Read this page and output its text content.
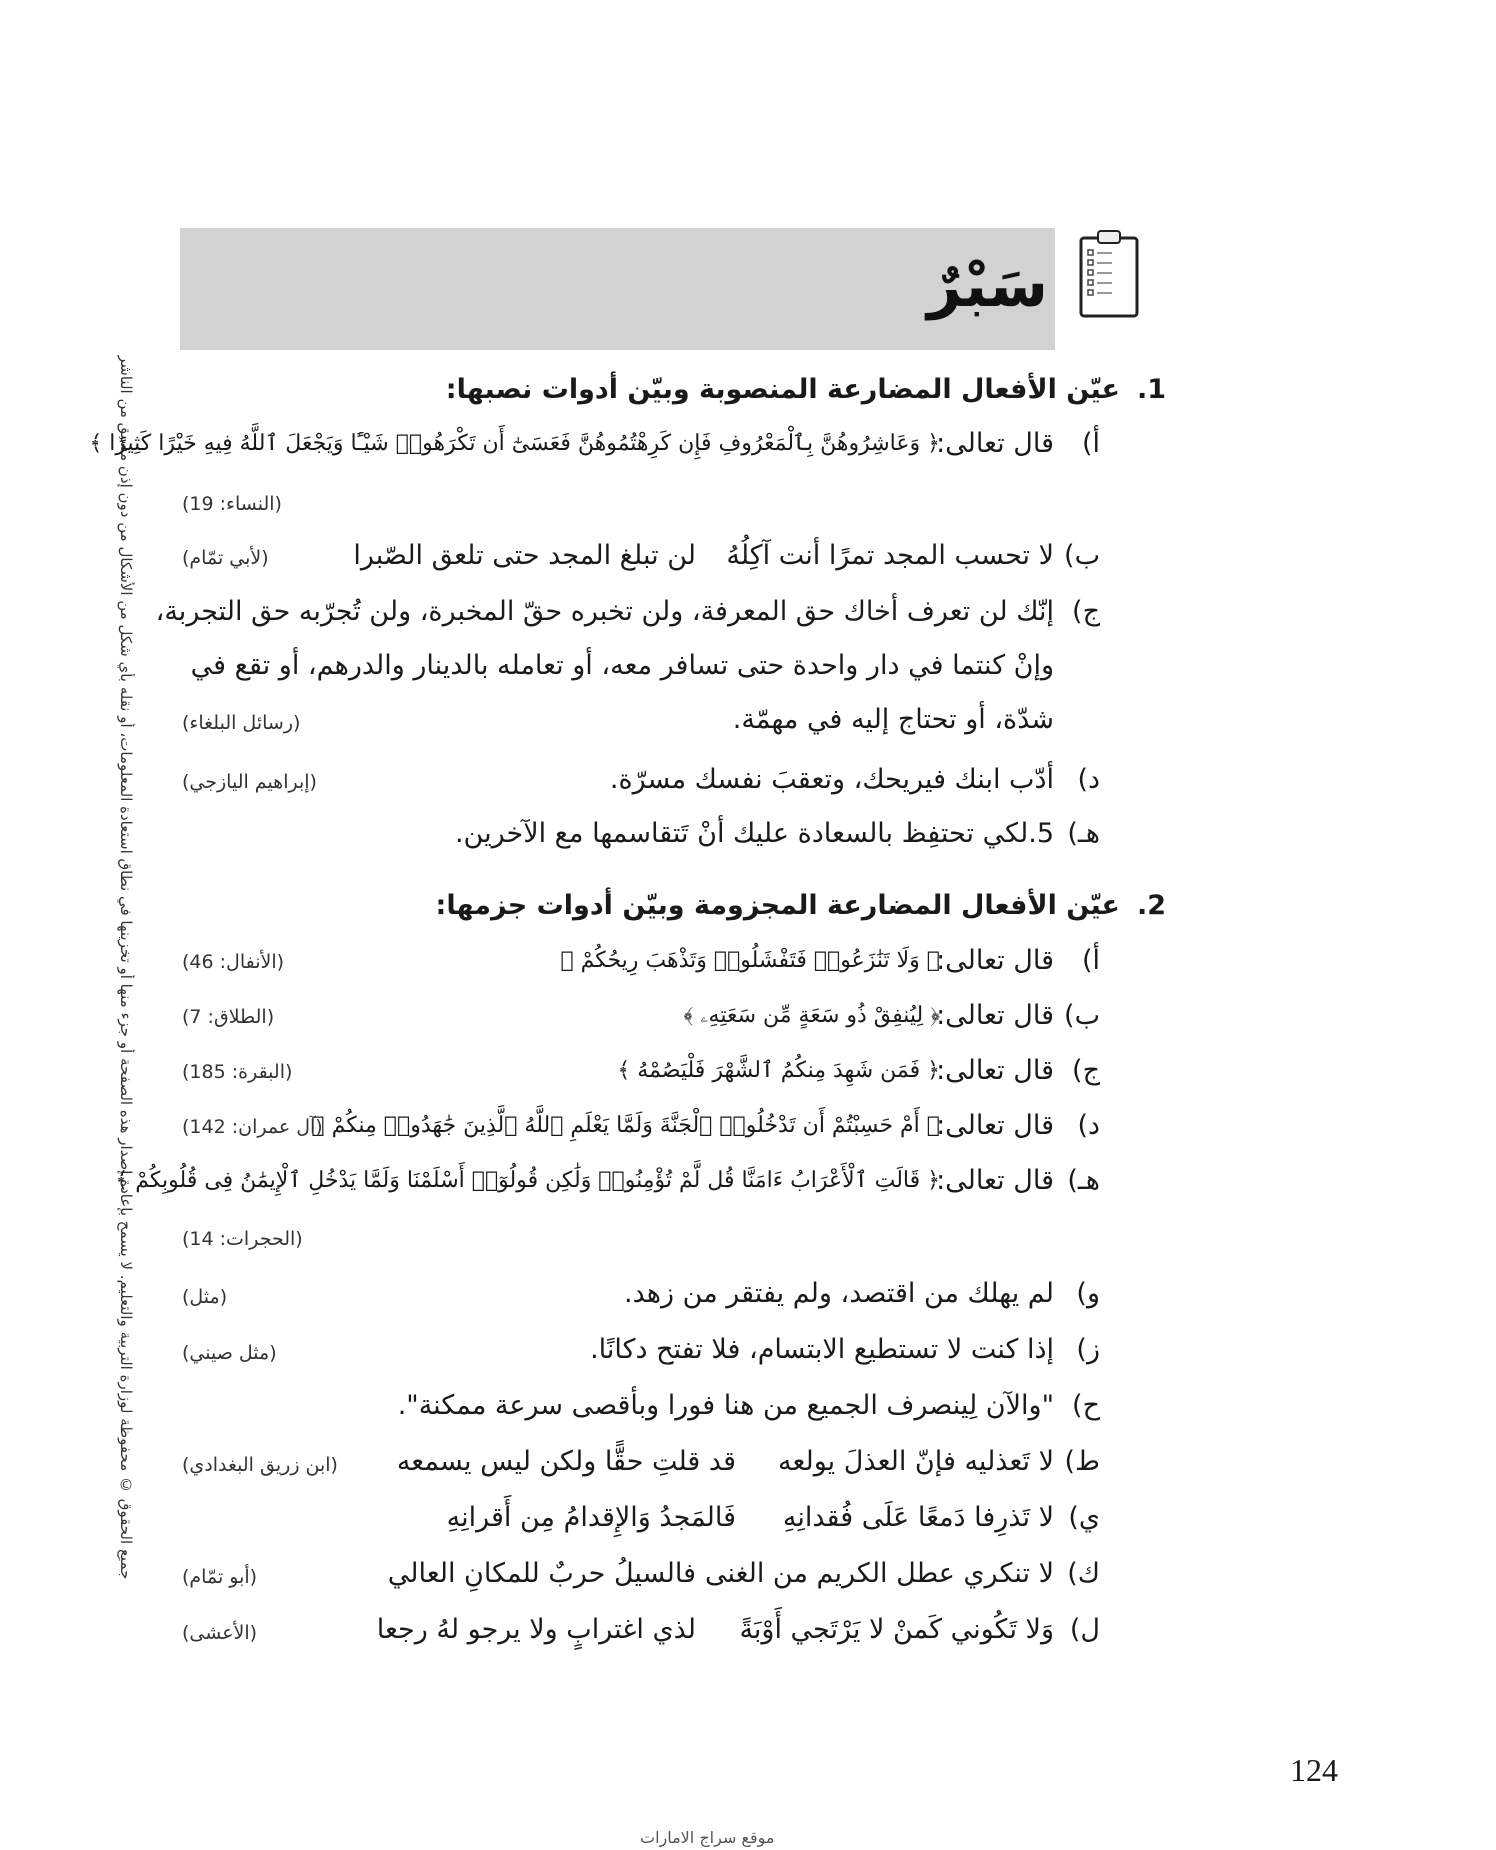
جميع الحقوق © محفوظة لوزارة التربية والتعليم. لا يسمح بإعادة إصدار هذه الصفحة أو جزء منها أو تخزينها في نطاق استعادة المعلومات، أو نقله بأي شكل من الأشكال من دون إذن مسبق من الناشر
سَبْرٌ
1.
عيّن الأفعال المضارعة المنصوبة وبيّن أدوات نصبها:
أ)
قال تعالى:
﴿ وَعَاشِرُوهُنَّ بِٱلْمَعْرُوفِ فَإِن كَرِهْتُمُوهُنَّ فَعَسَىٰٓ أَن تَكْرَهُوا۟ شَيْـًٔا وَيَجْعَلَ ٱللَّهُ فِيهِ خَيْرًا كَثِيرًا ﴾
(النساء: 19)
ب)
لا تحسب المجد تمرًا أنت آكِلُهُ
لن تبلغ المجد حتى تلعق الصّبرا
(لأبي تمّام)
ج)
إنّك لن تعرف أخاك حق المعرفة، ولن تخبره حقّ المخبرة، ولن تُجرّبه حق التجربة،
وإنْ كنتما في دار واحدة حتى تسافر معه، أو تعامله بالدينار والدرهم، أو تقع في
شدّة، أو تحتاج إليه في مهمّة.
(رسائل البلغاء)
د)
أدّب ابنك فيريحك، وتعقبَ نفسك مسرّة.
(إبراهيم اليازجي)
هـ)
5.لكي تحتفِظ بالسعادة عليك أنْ تَتقاسمها مع الآخرين.
2.
عيّن الأفعال المضارعة المجزومة وبيّن أدوات جزمها:
أ)
قال تعالى:
﴿ وَلَا تَنَٰزَعُوا۟ فَتَفْشَلُوا۟ وَتَذْهَبَ رِيحُكُمْ ﴾
(الأنفال: 46)
ب)
قال تعالى:
﴿ لِيُنفِقْ ذُو سَعَةٍ مِّن سَعَتِهِۦ ﴾
(الطلاق: 7)
ج)
قال تعالى:
﴿ فَمَن شَهِدَ مِنكُمُ ٱلشَّهْرَ فَلْيَصُمْهُ ﴾
(البقرة: 185)
د)
قال تعالى:
﴿ أَمْ حَسِبْتُمْ أَن تَدْخُلُوا۟ ٱلْجَنَّةَ وَلَمَّا يَعْلَمِ ٱللَّهُ ٱلَّذِينَ جَٰهَدُوا۟ مِنكُمْ ﴾
(آل عمران: 142)
هـ)
قال تعالى:
﴿ قَالَتِ ٱلْأَعْرَابُ ءَامَنَّا قُل لَّمْ تُؤْمِنُوا۟ وَلَٰكِن قُولُوٓا۟ أَسْلَمْنَا وَلَمَّا يَدْخُلِ ٱلْإِيمَٰنُ فِى قُلُوبِكُمْ ﴾
(الحجرات: 14)
و)
لم يهلك من اقتصد، ولم يفتقر من زهد.
(مثل)
ز)
إذا كنت لا تستطيع الابتسام، فلا تفتح دكانًا.
(مثل صيني)
ح)
"والآن لِينصرف الجميع من هنا فورا وبأقصى سرعة ممكنة".
ط)
لا تَعذليه فإنّ العذلَ يولعه
قد قلتِ حقًّا ولكن ليس يسمعه
(ابن زريق البغدادي)
ي)
لا تَذرِفا دَمعًا عَلَى فُقدانِهِ
فَالمَجدُ وَالإِقدامُ مِن أَقرانِهِ
ك)
لا تنكري عطل الكريم من الغنى
فالسيلُ حربٌ للمكانِ العالي
(أبو تمّام)
ل)
وَلا تَكُوني كَمنْ لا يَرْتَجي أَوْبَةً
لذي اغترابٍ ولا يرجو لهُ رجعا
(الأعشى)
124
موقع سراج الامارات
